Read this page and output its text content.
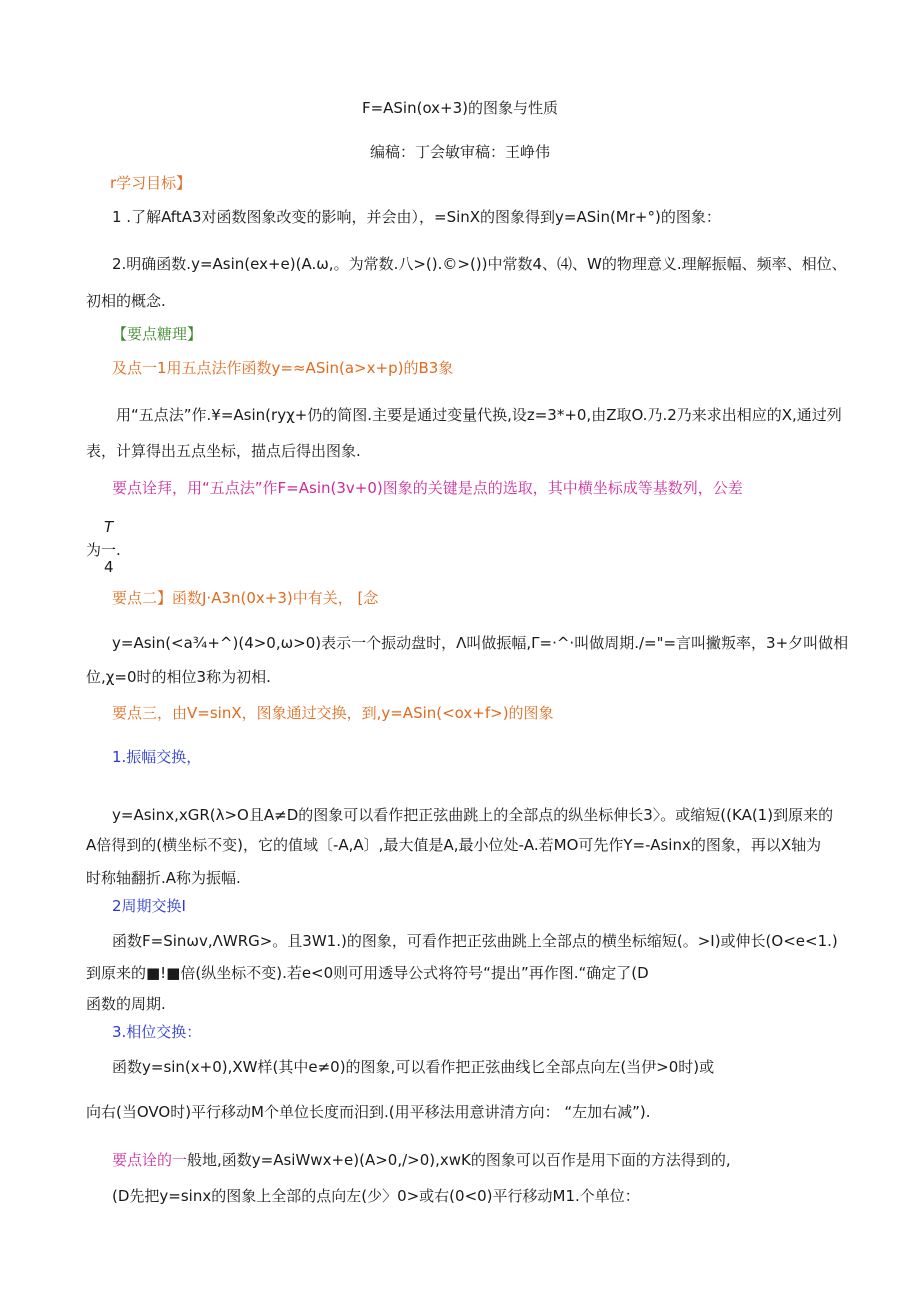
F=ASin(ox+3)的图象与性质
编稿：丁会敏审稿：王峥伟
r学习目标】
1 .了解AftA3对函数图象改变的影响，并会由），=SinX的图象得到y=ASin(Mr+°)的图象：
2.明确函数.y=Asin(ex+e)(A.ω,。为常数.八>().©>())中常数4、⑷、W的物理意义.理解振幅、频率、相位、
初相的概念.
【要点糖理】
及点一1用五点法作函数y=≈ASin(a>x+p)的B3象
用“五点法”作.¥=Asin(ryχ+仍的简图.主要是通过变量代换,设z=3*+0,由Z取O.乃.2乃来求出相应的X,通过列
表，计算得出五点坐标，描点后得出图象.
要点诠拜，用“五点法”作F=Asin(3v+0)图象的关键是点的选取，其中横坐标成等基数列，公差
T
为一.
4
要点二】函数J·A3n(0x+3)中有关， [念
y=Asin(<a¾+^)(4>0,ω>0)表示一个振动盘时，Λ叫做振幅,Γ=·^·叫做周期./="=言叫撇叛率，3+夕叫做相
位,χ=0时的相位3称为初相.
要点三，由V=sinX，图象通过交换，到,y=ASin(<ox+f>)的图象
1.振幅交换，
y=Asinx,xGR(λ>O且A≠D的图象可以看作把正弦曲跳上的全部点的纵坐标伸长3〉。或缩短((KA(1)到原来的
A倍得到的(横坐标不变)，它的值域〔-A,A〕,最大值是A,最小位处-A.若MO可先作Y=-Asinx的图象，再以X轴为
时称轴翻折.A称为振幅.
2周期交换I
函数F=Sinωv,ΛWRG>。且3W1.)的图象，可看作把正弦曲跳上全部点的横坐标缩短(。>I)或伸长(O<e<1.)
到原来的■!■倍(纵坐标不变).若e<0则可用透导公式将符号“提出”再作图.“确定了(D
函数的周期.
3.相位交换：
函数y=sin(x+0),XW样(其中e≠0)的图象,可以看作把正弦曲线匕全部点向左(当伊>0时)或
向右(当OVO时)平行移动M个单位长度而汨到.(用平移法用意讲清方向： “左加右减”).
要点诠的一般地,函数y=AsiWwx+e)(A>0,/>0),xwK的图象可以百作是用下面的方法得到的,
(D先把y=sinx的图象上全部的点向左(少〉0>或右(0<0)平行移动M1.个单位：
